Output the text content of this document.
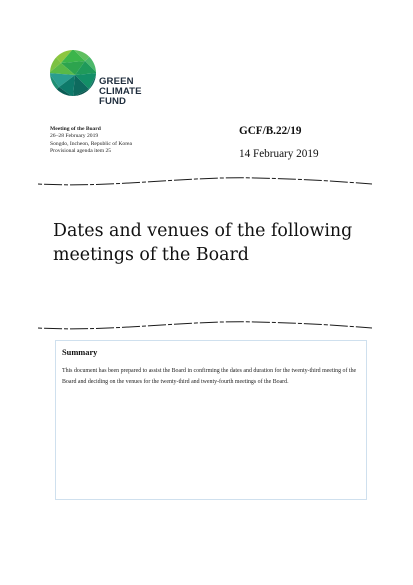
GREEN
CLIMATE
FUND
Meeting of the Board
26–28 February 2019
Songdo, Incheon, Republic of Korea
Provisional agenda item 25
GCF/B.22/19
14 February 2019
Dates and venues of the following meetings of the Board
Summary

This document has been prepared to assist the Board in confirming the dates and duration for the twenty-third meeting of the Board and deciding on the venues for the twenty-third and twenty-fourth meetings of the Board.
